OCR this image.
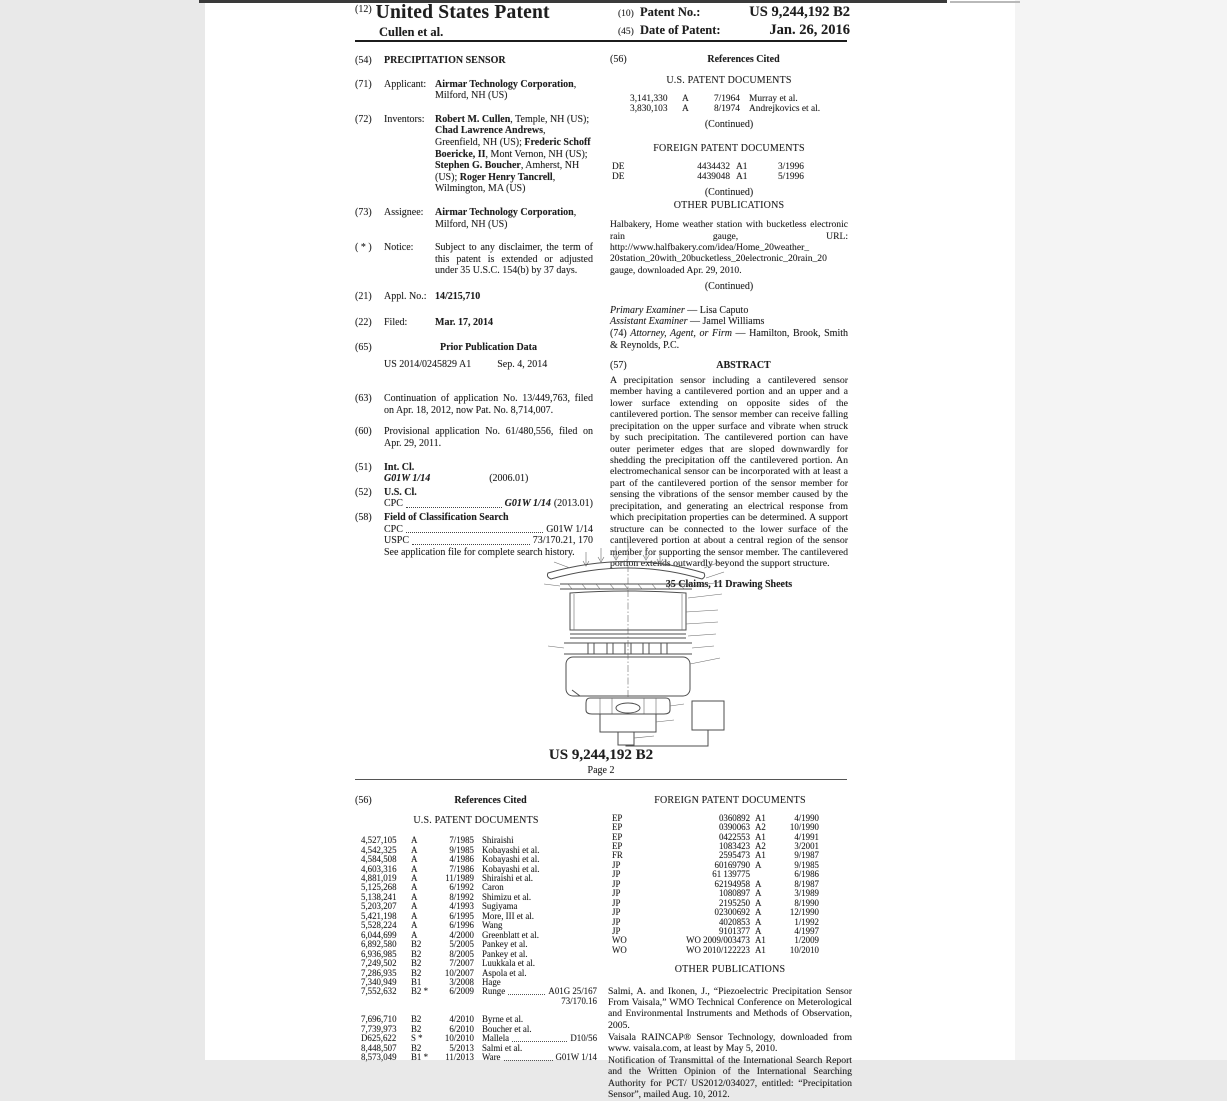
$^{(12)}$ United States Patent
Cullen et al.
(10) Patent No.:	US 9,244,192 B2
(45) Date of Patent:	Jan. 26, 2016
(54)	PRECIPITATION SENSOR
(71)	Applicant: Airmar Technology Corporation, Milford, NH (US)
(72)	Inventors:	Robert M. Cullen, Temple, NH (US); Chad Lawrence Andrews, Greenfield, NH (US); Frederic Schoff Boericke, II, Mont Vernon, NH (US); Stephen G. Boucher, Amherst, NH (US); Roger Henry Tancrell, Wilmington, MA (US)
(73)	Assignee:	Airmar Technology Corporation, Milford, NH (US)
( * )	Notice:	Subject to any disclaimer, the term of this patent is extended or adjusted under 35 U.S.C. 154(b) by 37 days.
(21)	Appl. No.: 14/215,710
(22)	Filed:	Mar. 17, 2014
(65)	Prior Publication Data
US 2014/0245829 A1	Sep. 4, 2014
(63)	Continuation of application No. 13/449,763, filed on Apr. 18, 2012, now Pat. No. 8,714,007.
(60)	Provisional application No. 61/480,556, filed on Apr. 29, 2011.
(51)	Int. Cl.
G01W 1/14	(2006.01)
(52)	U.S. Cl.
CPC	G01W 1/14 (2013.01)
(58)	Field of Classification Search
CPC	G01W 1/14
USPC	73/170.21, 170
See application file for complete search history.
(56)	References Cited
U.S. PATENT DOCUMENTS
3,141,330	A	7/1964 Murray et al.
3,830,103	A	8/1974 Andrejkovics et al.
(Continued)
FOREIGN PATENT DOCUMENTS
DE	4434432 A1	3/1996
DE	4439048 A1	5/1996
(Continued)
OTHER PUBLICATIONS
Halbakery, Home weather station with bucketless electronic rain gauge, URL: http://www.halfbakery.com/idea/Home_20weather_ 20station_20with_20bucketless_20electronic_20rain_20 gauge, downloaded Apr. 29, 2010.
(Continued)
Primary Examiner — Lisa Caputo
Assistant Examiner — Jamel Williams
(74) Attorney, Agent, or Firm — Hamilton, Brook, Smith & Reynolds, P.C.
(57)	ABSTRACT
A precipitation sensor including a cantilevered sensor member having a cantilevered portion and an upper and a lower surface extending on opposite sides of the cantilevered portion. The sensor member can receive falling precipitation on the upper surface and vibrate when struck by such precipitation. The cantilevered portion can have outer perimeter edges that are sloped downwardly for shedding the precipitation off the cantilevered portion. An electromechanical sensor can be incorporated with at least a part of the cantilevered portion of the sensor member for sensing the vibrations of the sensor member caused by the precipitation, and generating an electrical response from which precipitation properties can be determined. A support structure can be connected to the lower surface of the cantilevered portion at about a central region of the sensor member for supporting the sensor member. The cantilevered portion extends outwardly beyond the support structure.
35 Claims, 11 Drawing Sheets
US 9,244,192 B2
Page 2
(56)	References Cited
U.S. PATENT DOCUMENTS
4,527,105	A	7/1985 Shiraishi
4,542,325	A	9/1985 Kobayashi et al.
4,584,508	A	4/1986 Kobayashi et al.
4,603,316	A	7/1986 Kobayashi et al.
4,881,019	A	11/1989 Shiraishi et al.
5,125,268	A	6/1992 Caron
5,138,241	A	8/1992 Shimizu et al.
5,203,207	A	4/1993 Sugiyama
5,421,198	A	6/1995 More, III et al.
5,528,224	A	6/1996 Wang
6,044,699	A	4/2000 Greenblatt et al.
6,892,580	B2	5/2005 Pankey et al.
6,936,985	B2	8/2005 Pankey et al.
7,249,502	B2	7/2007 Luukkala et al.
7,286,935	B2	10/2007 Aspola et al.
7,340,949	B1	3/2008 Hage
7,552,632	B2 *	6/2009 Runge	A01G 25/167
73/170.16
7,696,710	B2	4/2010 Byrne et al.
7,739,973	B2	6/2010 Boucher et al.
D625,622	S *	10/2010 Mallela	D10/56
8,448,507	B2	5/2013 Salmi et al.
8,573,049	B1 *	11/2013 Ware	G01W 1/14
FOREIGN PATENT DOCUMENTS
EP	0360892 A1	4/1990
EP	0390063 A2	10/1990
EP	0422553 A1	4/1991
EP	1083423 A2	3/2001
FR	2595473 A1	9/1987
JP	60169790 A	9/1985
JP	61 139775	6/1986
JP	62194958 A	8/1987
JP	1080897 A	3/1989
JP	2195250 A	8/1990
JP	02300692 A	12/1990
JP	4020853 A	1/1992
JP	9101377 A	4/1997
WO	WO 2009/003473 A1	1/2009
WO	WO 2010/122223 A1	10/2010
OTHER PUBLICATIONS

Salmi, A. and Ikonen, J., “Piezoelectric Precipitation Sensor From Vaisala,” WMO Technical Conference on Meterological and Environmental Instruments and Methods of Observation, 2005.

Vaisala RAINCAP® Sensor Technology, downloaded from www. vaisala.com, at least by May 5, 2010.

Notification of Transmittal of the International Search Report and the Written Opinion of the International Searching Authority for PCT/ US2012/034027, entitled: “Precipitation Sensor”, mailed Aug. 10, 2012.
